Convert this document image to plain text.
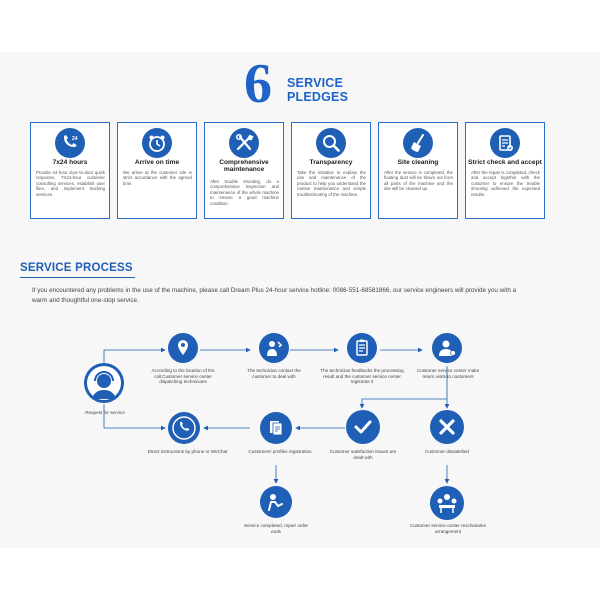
6 SERVICE
PLEDGES
24
7x24 hours
Provide 24-hour door-to-door quick response, 7X24-hour customer consulting services, establish user files, and implement tracking services.
Arrive on time
We arrive at the customer site in strict accordance with the agreed time.
Comprehensive maintenance
After trouble shooting, do a comprehensive inspection and maintenance of the whole machine to ensure a good machine condition.
Transparency
Take the initiative to explain the use and maintenance of the product to help you understand the routine maintenance and simple troubleshooting of the machine.
Site cleaning
After the service is completed, the floating dust will be blown out from all parts of the machine and the site will be cleaned up.
Strict check and accept
After the repair is completed, check and accept together with the customer to ensure the trouble shooting achieved the expected results.
SERVICE PROCESS
If you encountered any problems in the use of the machine, please call Dream Plus 24-hour service hotline: 0086-551-68581866, our service engineers will provide you with a warm and thoughtful one-stop service.
Request for service
According to the location of the call,Customer service center dispatching technicians
The technician contact the customer to deal with
The technician feedbacks the processing result and the customer service center registrate it
Customer service center make return visits to customers
Direct instructions by phone or WeChat	Customers' profiles registration	Customer satisfaction issues are dealt with
Customer dissatisfied
Service completed, repair order ends
Customer service center reschedules arrangement
